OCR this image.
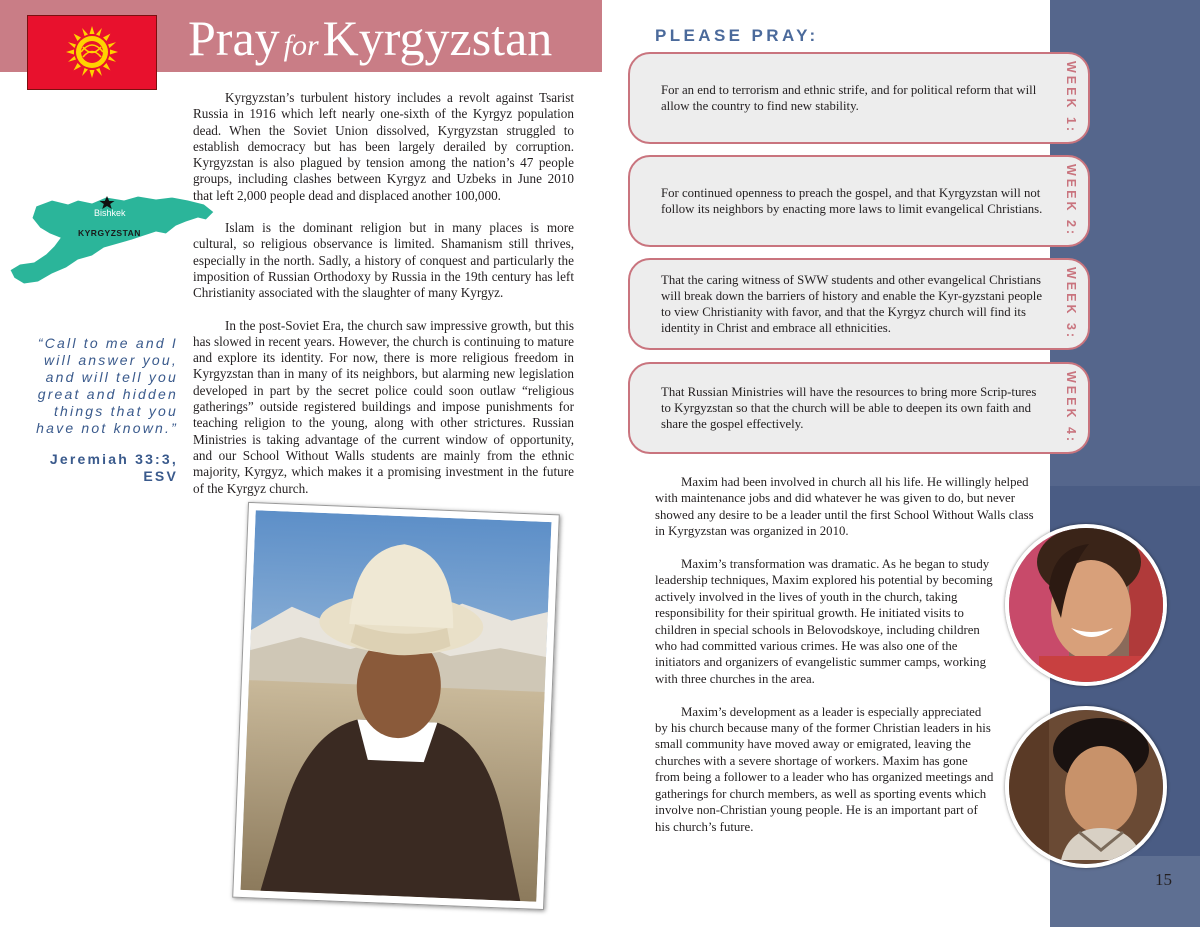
Pray forKyrgyzstan

Kyrgyzstan’s turbulent history includes a revolt against Tsarist Russia in 1916 which left nearly one-sixth of the Kyrgyz population dead. When the Soviet Union dissolved, Kyrgyzstan struggled to establish democracy but has been largely derailed by corruption. Kyrgyzstan is also plagued by tension among the nation’s 47 people groups, including clashes between Kyrgyz and Uzbeks in June 2010 that left 2,000 people dead and displaced another 100,000.

Islam is the dominant religion but in many places is more cultural, so religious observance is limited. Shamanism still thrives, especially in the north. Sadly, a history of conquest and particularly the imposition of Russian Orthodoxy by Russia in the 19th century has left Christianity associated with the slaughter of many Kyrgyz.

In the post-Soviet Era, the church saw impressive growth, but this has slowed in recent years. However, the church is continuing to mature and explore its identity. For now, there is more religious freedom in Kyrgyzstan than in many of its neighbors, but alarming new legislation developed in part by the secret police could soon outlaw “religious gatherings” outside registered buildings and impose punishments for teaching religion to the young, along with other strictures. Russian Ministries is taking advantage of the current window of opportunity, and our School Without Walls students are mainly from the ethnic majority, Kyrgyz, which makes it a promising investment in the future of the Kyrgyz church.

Bishkek
KYRGYZSTAN
“Call to me and I will answer you, and will tell you great and hidden things that you have not known.”
Jeremiah 33:3, ESV
PLEASE PRAY:
For an end to terrorism and ethnic strife, and for political reform that will allow the country to find new stability.	WEEK 1:
For continued openness to preach the gospel, and that Kyrgyzstan will not follow its neighbors by enacting more laws to limit evangelical Christians.	WEEK 2:
That the caring witness of SWW students and other evangelical Christians will break down the barriers of history and enable the Kyr-gyzstani people to view Christianity with favor, and that the Kyrgyz church will find its identity in Christ and embrace all ethnicities.	WEEK 3:
That Russian Ministries will have the resources to bring more Scrip-tures to Kyrgyzstan so that the church will be able to deepen its own faith and share the gospel effectively.	WEEK 4:

Maxim had been involved in church all his life. He willingly helped with maintenance jobs and did whatever he was given to do, but never showed any desire to be a leader until the first School Without Walls class in Kyrgyzstan was organized in 2010.

Maxim’s transformation was dramatic. As he began to study leadership techniques, Maxim explored his potential by becoming actively involved in the lives of youth in the church, taking responsibility for their spiritual growth. He initiated visits to children in special schools in Belovodskoye, including children who had committed various crimes. He was also one of the initiators and organizers of evangelistic summer camps, working with three churches in the area.

Maxim’s development as a leader is especially appreciated by his church because many of the former Christian leaders in his small community have moved away or emigrated, leaving the churches with a severe shortage of workers. Maxim has gone from being a follower to a leader who has organized meetings and gatherings for church members, as well as sporting events which involve non-Christian young people. He is an important part of his church’s future.

15
